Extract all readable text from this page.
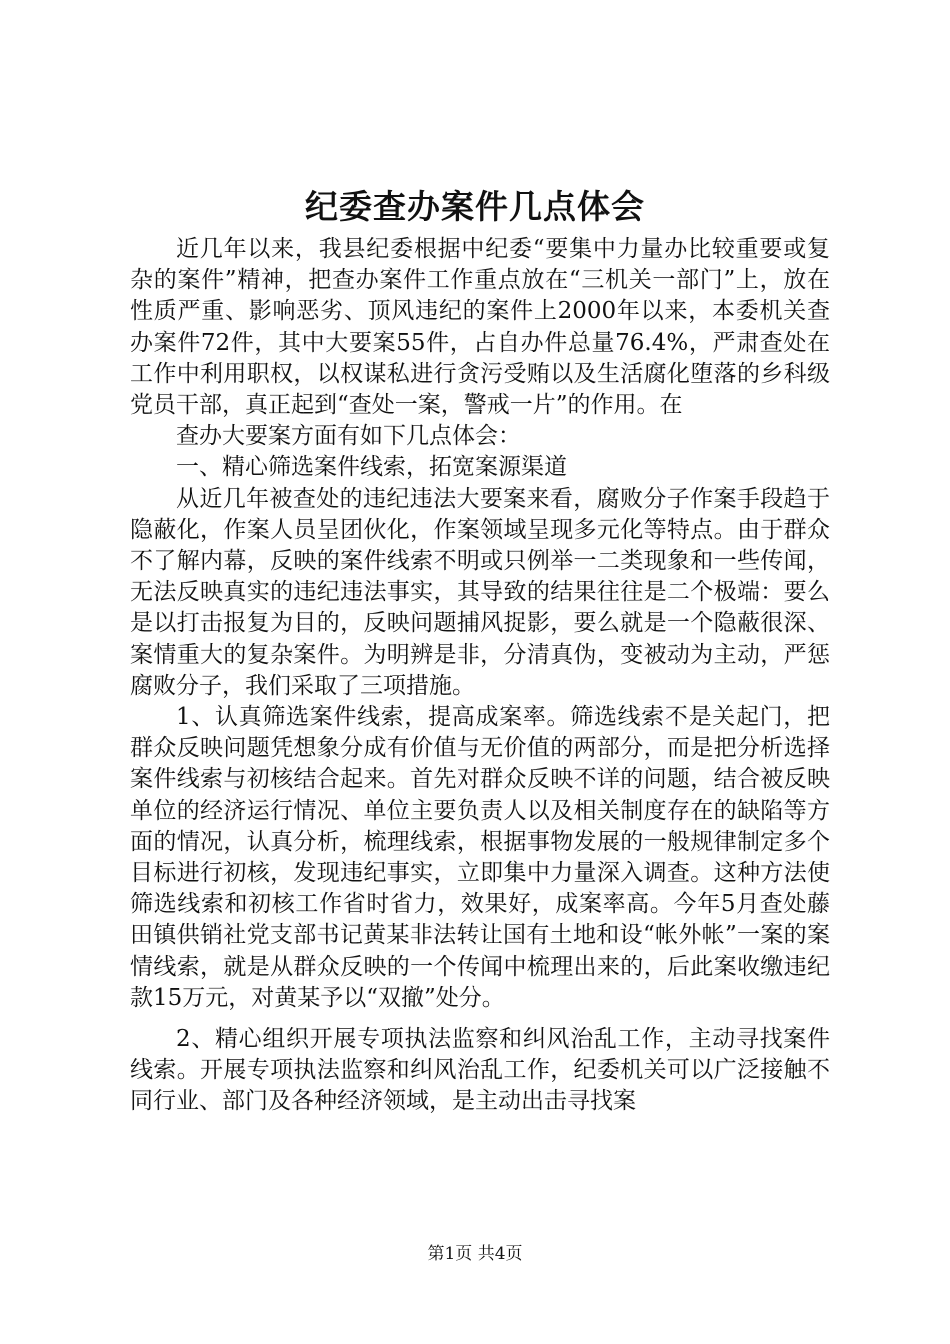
纪委查办案件几点体会

近几年以来，我县纪委根据中纪委“要集中力量办比较重要或复杂的案件”精神，把查办案件工作重点放在“三机关一部门”上，放在性质严重、影响恶劣、顶风违纪的案件上2000年以来，本委机关查办案件72件，其中大要案55件，占自办件总量76.4%，严肃查处在工作中利用职权，以权谋私进行贪污受贿以及生活腐化堕落的乡科级党员干部，真正起到“查处一案，警戒一片”的作用。在

查办大要案方面有如下几点体会：

一、精心筛选案件线索，拓宽案源渠道

从近几年被查处的违纪违法大要案来看，腐败分子作案手段趋于隐蔽化，作案人员呈团伙化，作案领域呈现多元化等特点。由于群众不了解内幕，反映的案件线索不明或只例举一二类现象和一些传闻，无法反映真实的违纪违法事实，其导致的结果往往是二个极端：要么是以打击报复为目的，反映问题捕风捉影，要么就是一个隐蔽很深、案情重大的复杂案件。为明辨是非，分清真伪，变被动为主动，严惩腐败分子，我们采取了三项措施。

1、认真筛选案件线索，提高成案率。筛选线索不是关起门，把群众反映问题凭想象分成有价值与无价值的两部分，而是把分析选择案件线索与初核结合起来。首先对群众反映不详的问题，结合被反映单位的经济运行情况、单位主要负责人以及相关制度存在的缺陷等方面的情况，认真分析，梳理线索，根据事物发展的一般规律制定多个目标进行初核，发现违纪事实，立即集中力量深入调查。这种方法使筛选线索和初核工作省时省力，效果好，成案率高。今年5月查处藤田镇供销社党支部书记黄某非法转让国有土地和设“帐外帐”一案的案情线索，就是从群众反映的一个传闻中梳理出来的，后此案收缴违纪款15万元，对黄某予以“双撤”处分。

2、精心组织开展专项执法监察和纠风治乱工作，主动寻找案件线索。开展专项执法监察和纠风治乱工作，纪委机关可以广泛接触不同行业、部门及各种经济领域，是主动出击寻找案

第1页 共4页
